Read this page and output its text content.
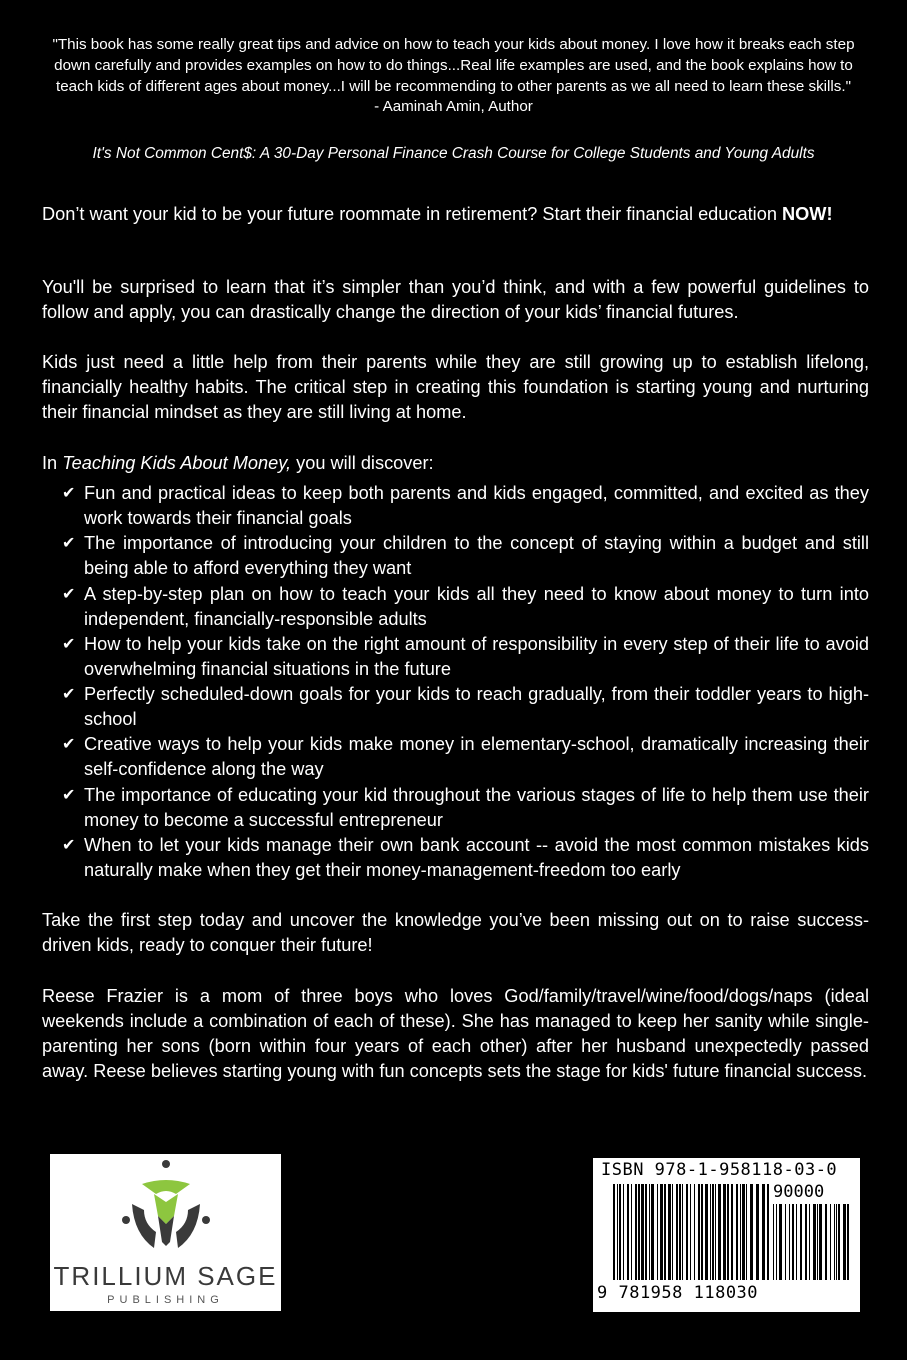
"This book has some really great tips and advice on how to teach your kids about money. I love how it breaks each step down carefully and provides examples on how to do things...Real life examples are used, and the book explains how to teach kids of different ages about money...I will be recommending to other parents as we all need to learn these skills."
- Aaminah Amin, Author
It's Not Common Cent$: A 30-Day Personal Finance Crash Course for College Students and Young Adults
Don’t want your kid to be your future roommate in retirement? Start their financial education NOW!
You'll be surprised to learn that it’s simpler than you’d think, and with a few powerful guidelines to follow and apply, you can drastically change the direction of your kids’ financial futures.
Kids just need a little help from their parents while they are still growing up to establish lifelong, financially healthy habits. The critical step in creating this foundation is starting young and nurturing their financial mindset as they are still living at home.
In Teaching Kids About Money, you will discover:
✔ Fun and practical ideas to keep both parents and kids engaged, committed, and excited as they work towards their financial goals
✔ The importance of introducing your children to the concept of staying within a budget and still being able to afford everything they want
✔ A step-by-step plan on how to teach your kids all they need to know about money to turn into independent, financially-responsible adults
✔ How to help your kids take on the right amount of responsibility in every step of their life to avoid overwhelming financial situations in the future
✔ Perfectly scheduled-down goals for your kids to reach gradually, from their toddler years to high-school
✔ Creative ways to help your kids make money in elementary-school, dramatically increasing their self-confidence along the way
✔ The importance of educating your kid throughout the various stages of life to help them use their money to become a successful entrepreneur
✔ When to let your kids manage their own bank account -- avoid the most common mistakes kids naturally make when they get their money-management-freedom too early
Take the first step today and uncover the knowledge you’ve been missing out on to raise success-driven kids, ready to conquer their future!
Reese Frazier is a mom of three boys who loves God/family/travel/wine/food/dogs/naps (ideal weekends include a combination of each of these). She has managed to keep her sanity while single-parenting her sons (born within four years of each other) after her husband unexpectedly passed away. Reese believes starting young with fun concepts sets the stage for kids' future financial success.
TRILLIUM SAGE
PUBLISHING
ISBN 978-1-958118-03-0
90000
9 781958 118030
